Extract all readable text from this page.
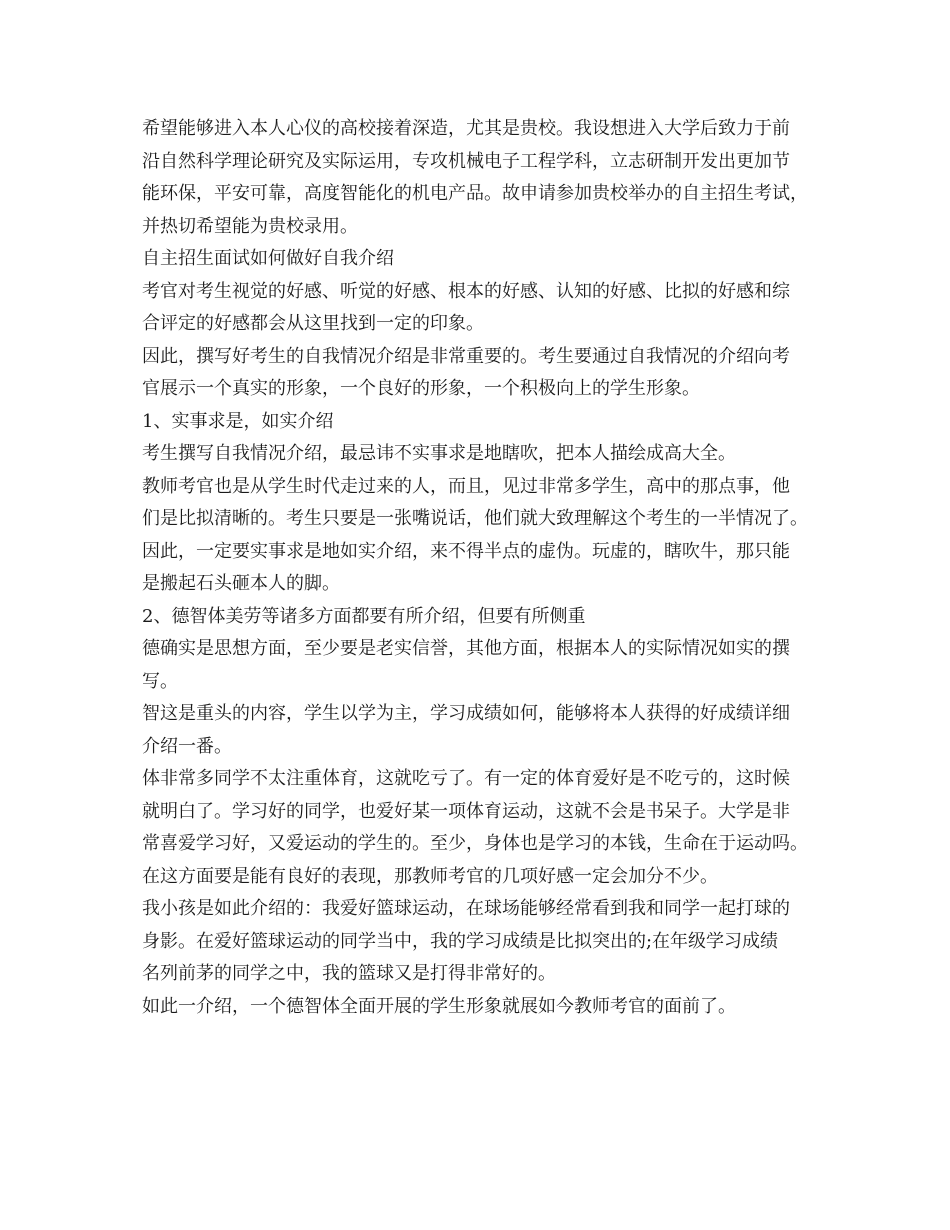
希望能够进入本人心仪的高校接着深造，尤其是贵校。我设想进入大学后致力于前
沿自然科学理论研究及实际运用，专攻机械电子工程学科，立志研制开发出更加节
能环保，平安可靠，高度智能化的机电产品。故申请参加贵校举办的自主招生考试，
并热切希望能为贵校录用。
自主招生面试如何做好自我介绍
考官对考生视觉的好感、听觉的好感、根本的好感、认知的好感、比拟的好感和综
合评定的好感都会从这里找到一定的印象。
因此，撰写好考生的自我情况介绍是非常重要的。考生要通过自我情况的介绍向考
官展示一个真实的形象，一个良好的形象，一个积极向上的学生形象。
1、实事求是，如实介绍
考生撰写自我情况介绍，最忌讳不实事求是地瞎吹，把本人描绘成高大全。
教师考官也是从学生时代走过来的人，而且，见过非常多学生，高中的那点事，他
们是比拟清晰的。考生只要是一张嘴说话，他们就大致理解这个考生的一半情况了。
因此，一定要实事求是地如实介绍，来不得半点的虚伪。玩虚的，瞎吹牛，那只能
是搬起石头砸本人的脚。
2、德智体美劳等诸多方面都要有所介绍，但要有所侧重
德确实是思想方面，至少要是老实信誉，其他方面，根据本人的实际情况如实的撰
写。
智这是重头的内容，学生以学为主，学习成绩如何，能够将本人获得的好成绩详细
介绍一番。
体非常多同学不太注重体育，这就吃亏了。有一定的体育爱好是不吃亏的，这时候
就明白了。学习好的同学，也爱好某一项体育运动，这就不会是书呆子。大学是非
常喜爱学习好，又爱运动的学生的。至少，身体也是学习的本钱，生命在于运动吗。
在这方面要是能有良好的表现，那教师考官的几项好感一定会加分不少。
我小孩是如此介绍的：我爱好篮球运动，在球场能够经常看到我和同学一起打球的
身影。在爱好篮球运动的同学当中，我的学习成绩是比拟突出的;在年级学习成绩
名列前茅的同学之中，我的篮球又是打得非常好的。
如此一介绍，一个德智体全面开展的学生形象就展如今教师考官的面前了。
